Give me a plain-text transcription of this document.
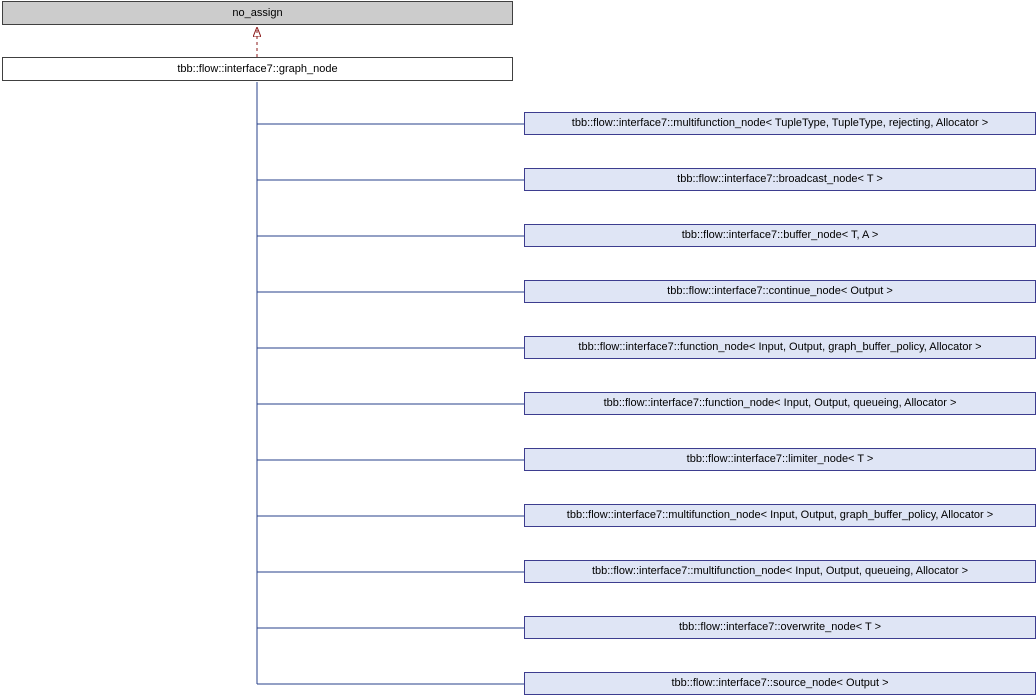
no_assign
tbb::flow::interface7::graph_node
tbb::flow::interface7::multifunction_node< TupleType, TupleType, rejecting, Allocator >
tbb::flow::interface7::broadcast_node< T >
tbb::flow::interface7::buffer_node< T, A >
tbb::flow::interface7::continue_node< Output >
tbb::flow::interface7::function_node< Input, Output, graph_buffer_policy, Allocator >
tbb::flow::interface7::function_node< Input, Output, queueing, Allocator >
tbb::flow::interface7::limiter_node< T >
tbb::flow::interface7::multifunction_node< Input, Output, graph_buffer_policy, Allocator >
tbb::flow::interface7::multifunction_node< Input, Output, queueing, Allocator >
tbb::flow::interface7::overwrite_node< T >
tbb::flow::interface7::source_node< Output >
